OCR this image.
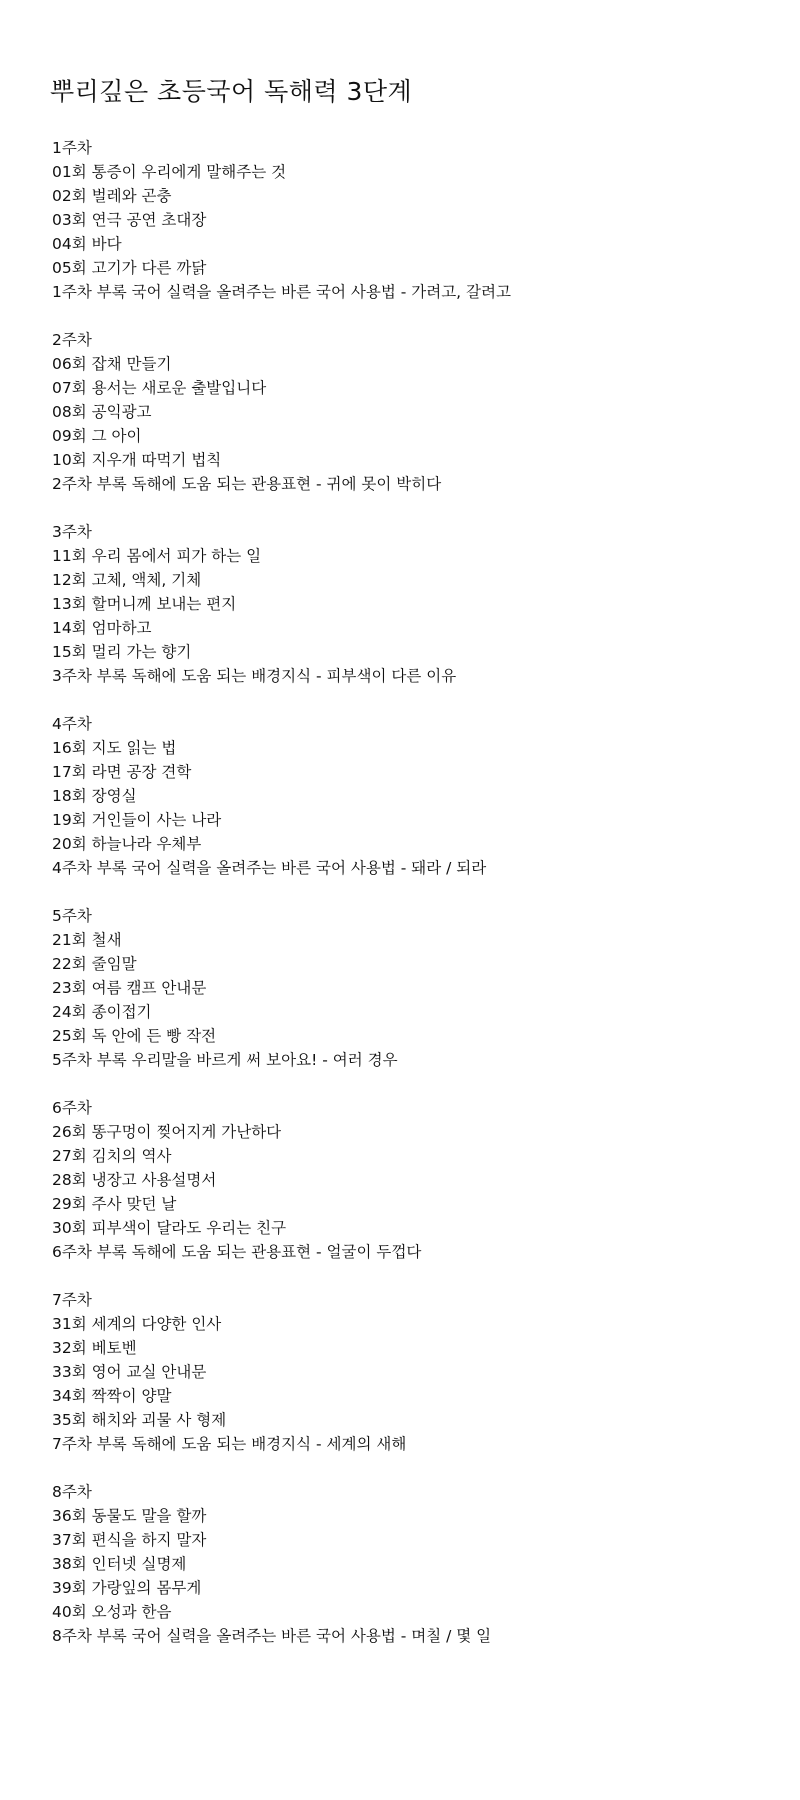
뿌리깊은 초등국어 독해력 3단계
1주차
01회 통증이 우리에게 말해주는 것
02회 벌레와 곤충
03회 연극 공연 초대장
04회 바다
05회 고기가 다른 까닭
1주차 부록 국어 실력을 올려주는 바른 국어 사용법 - 가려고, 갈려고
2주차
06회 잡채 만들기
07회 용서는 새로운 출발입니다
08회 공익광고
09회 그 아이
10회 지우개 따먹기 법칙
2주차 부록 독해에 도움 되는 관용표현 - 귀에 못이 박히다
3주차
11회 우리 몸에서 피가 하는 일
12회 고체, 액체, 기체
13회 할머니께 보내는 편지
14회 엄마하고
15회 멀리 가는 향기
3주차 부록 독해에 도움 되는 배경지식 - 피부색이 다른 이유
4주차
16회 지도 읽는 법
17회 라면 공장 견학
18회 장영실
19회 거인들이 사는 나라
20회 하늘나라 우체부
4주차 부록 국어 실력을 올려주는 바른 국어 사용법 - 돼라 / 되라
5주차
21회 철새
22회 줄임말
23회 여름 캠프 안내문
24회 종이접기
25회 독 안에 든 빵 작전
5주차 부록 우리말을 바르게 써 보아요! - 여러 경우
6주차
26회 똥구멍이 찢어지게 가난하다
27회 김치의 역사
28회 냉장고 사용설명서
29회 주사 맞던 날
30회 피부색이 달라도 우리는 친구
6주차 부록 독해에 도움 되는 관용표현 - 얼굴이 두껍다
7주차
31회 세계의 다양한 인사
32회 베토벤
33회 영어 교실 안내문
34회 짝짝이 양말
35회 해치와 괴물 사 형제
7주차 부록 독해에 도움 되는 배경지식 - 세계의 새해
8주차
36회 동물도 말을 할까
37회 편식을 하지 말자
38회 인터넷 실명제
39회 가랑잎의 몸무게
40회 오성과 한음
8주차 부록 국어 실력을 올려주는 바른 국어 사용법 - 며칠 / 몇 일
